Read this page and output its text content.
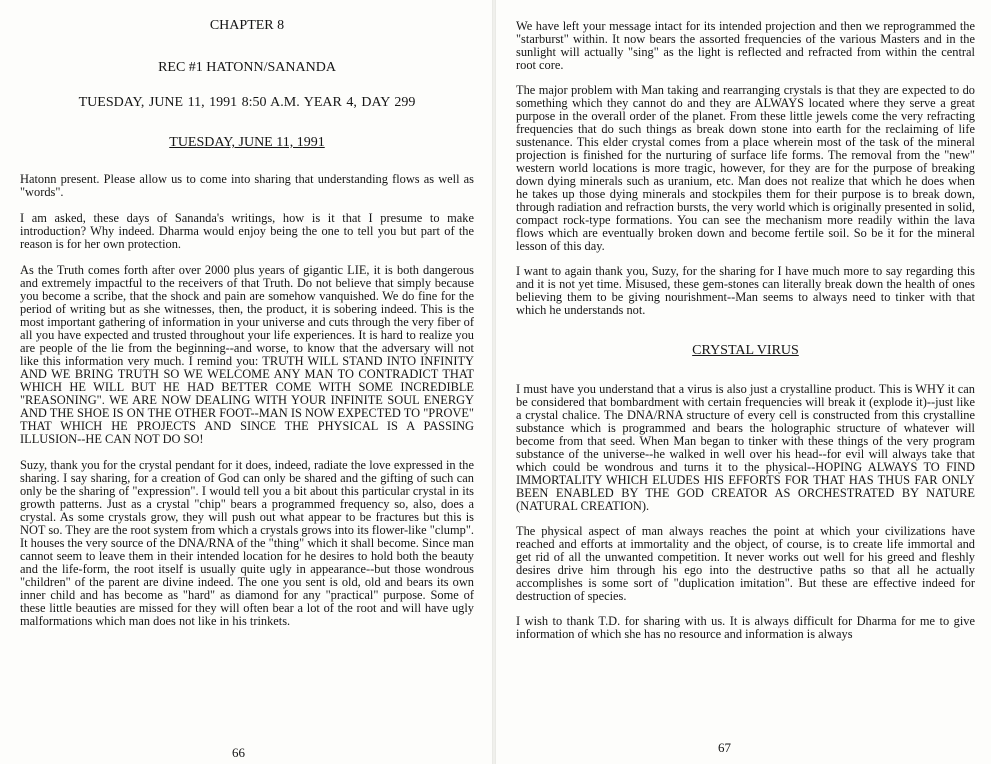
CHAPTER 8
REC #1 HATONN/SANANDA
TUESDAY, JUNE 11, 1991 8:50 A.M. YEAR 4, DAY 299
TUESDAY, JUNE 11, 1991

Hatonn present. Please allow us to come into sharing that understanding flows as well as "words".

I am asked, these days of Sananda's writings, how is it that I presume to make introduction? Why indeed. Dharma would enjoy being the one to tell you but part of the reason is for her own protection.

As the Truth comes forth after over 2000 plus years of gigantic LIE, it is both dangerous and extremely impactful to the receivers of that Truth. Do not believe that simply because you become a scribe, that the shock and pain are somehow vanquished. We do fine for the period of writing but as she witnesses, then, the product, it is sobering indeed. This is the most important gathering of information in your universe and cuts through the very fiber of all you have expected and trusted throughout your life experiences. It is hard to realize you are people of the lie from the beginning--and worse, to know that the adversary will not like this information very much. I remind you: TRUTH WILL STAND INTO INFINITY AND WE BRING TRUTH SO WE WELCOME ANY MAN TO CONTRADICT THAT WHICH HE WILL BUT HE HAD BETTER COME WITH SOME INCREDIBLE "REASONING". WE ARE NOW DEALING WITH YOUR INFINITE SOUL ENERGY AND THE SHOE IS ON THE OTHER FOOT--MAN IS NOW EXPECTED TO "PROVE" THAT WHICH HE PROJECTS AND SINCE THE PHYSICAL IS A PASSING ILLUSION--HE CAN NOT DO SO!

Suzy, thank you for the crystal pendant for it does, indeed, radiate the love expressed in the sharing. I say sharing, for a creation of God can only be shared and the gifting of such can only be the sharing of "expression". I would tell you a bit about this particular crystal in its growth patterns. Just as a crystal "chip" bears a programmed frequency so, also, does a crystal. As some crystals grow, they will push out what appear to be fractures but this is NOT so. They are the root system from which a crystals grows into its flower-like "clump". It houses the very source of the DNA/RNA of the "thing" which it shall become. Since man cannot seem to leave them in their intended location for he desires to hold both the beauty and the life-form, the root itself is usually quite ugly in appearance--but those wondrous "children" of the parent are divine indeed. The one you sent is old, old and bears its own inner child and has become as "hard" as diamond for any "practical" purpose. Some of these little beauties are missed for they will often bear a lot of the root and will have ugly malformations which man does not like in his trinkets.

66

We have left your message intact for its intended projection and then we reprogrammed the "starburst" within. It now bears the assorted frequencies of the various Masters and in the sunlight will actually "sing" as the light is reflected and refracted from within the central root core.

The major problem with Man taking and rearranging crystals is that they are expected to do something which they cannot do and they are ALWAYS located where they serve a great purpose in the overall order of the planet. From these little jewels come the very refracting frequencies that do such things as break down stone into earth for the reclaiming of life sustenance. This elder crystal comes from a place wherein most of the task of the mineral projection is finished for the nurturing of surface life forms. The removal from the "new" western world locations is more tragic, however, for they are for the purpose of breaking down dying minerals such as uranium, etc. Man does not realize that which he does when he takes up those dying minerals and stockpiles them for their purpose is to break down, through radiation and refraction bursts, the very world which is originally presented in solid, compact rock-type formations. You can see the mechanism more readily within the lava flows which are eventually broken down and become fertile soil. So be it for the mineral lesson of this day.

I want to again thank you, Suzy, for the sharing for I have much more to say regarding this and it is not yet time. Misused, these gem-stones can literally break down the health of ones believing them to be giving nourishment--Man seems to always need to tinker with that which he understands not.

CRYSTAL VIRUS

I must have you understand that a virus is also just a crystalline product. This is WHY it can be considered that bombardment with certain frequencies will break it (explode it)--just like a crystal chalice. The DNA/RNA structure of every cell is constructed from this crystalline substance which is programmed and bears the holographic structure of whatever will become from that seed. When Man began to tinker with these things of the very program substance of the universe--he walked in well over his head--for evil will always take that which could be wondrous and turns it to the physical--HOPING ALWAYS TO FIND IMMORTALITY WHICH ELUDES HIS EFFORTS FOR THAT HAS THUS FAR ONLY BEEN ENABLED BY THE GOD CREATOR AS ORCHESTRATED BY NATURE (NATURAL CREATION).

The physical aspect of man always reaches the point at which your civilizations have reached and efforts at immortality and the object, of course, is to create life immortal and get rid of all the unwanted competition. It never works out well for his greed and fleshly desires drive him through his ego into the destructive paths so that all he actually accomplishes is some sort of "duplication imitation". But these are effective indeed for destruction of species.

I wish to thank T.D. for sharing with us. It is always difficult for Dharma for me to give information of which she has no resource and information is always

67
